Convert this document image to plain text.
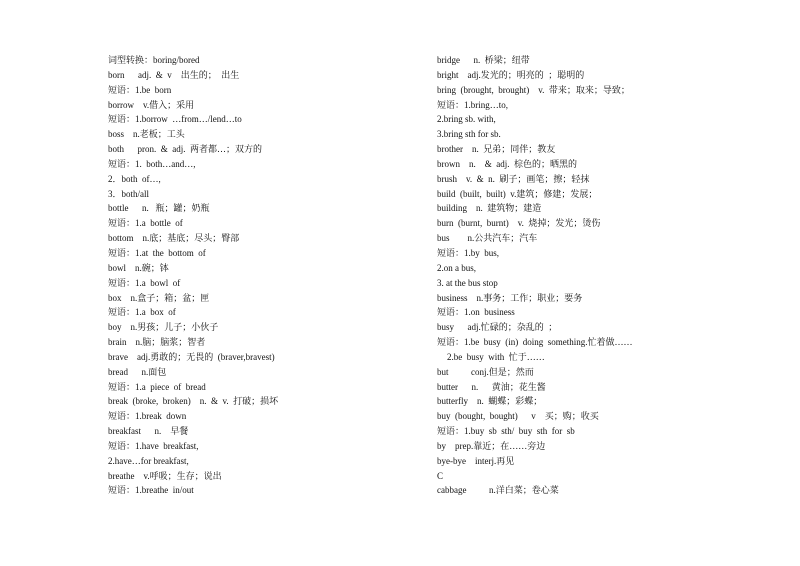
词型转换：boring/bored
born      adj.  &  v    出生的；  出生
短语：1.be  born
borrow    v.借入；采用
短语：1.borrow  …from…/lend…to
boss    n.老板；工头
both      pron.  &  adj.  两者都…；双方的
短语：1.  both…and…,
2．both  of…,
3．both/all
bottle      n.   瓶；罐；奶瓶
短语：1.a  bottle  of
bottom    n.底；基底；尽头；臀部
短语：1.at  the  bottom  of
bowl    n.碗；钵
短语：1.a  bowl  of
box    n.盒子；箱；盆；匣
短语：1.a  box  of
boy    n.男孩；儿子；小伙子
brain    n.脑；脑浆；智者
brave    adj.勇敢的；无畏的  (braver,bravest)
bread      n.面包
短语：1.a  piece  of  bread
break  (broke,  broken)    n.  &  v.  打破；损坏
短语：1.break  down
breakfast      n.    早餐
短语：1.have  breakfast,
2.have…for breakfast,
breathe    v.呼吸；生存；说出
短语：1.breathe  in/out
bridge      n.  桥梁；纽带
bright    adj.发光的；明亮的  ；聪明的
bring  (brought,  brought)    v.  带来；取来；导致；
短语：1.bring…to,
2.bring sb. with,
3.bring sth for sb.
brother    n.  兄弟；同伴；教友
brown    n.    &  adj.  棕色的；晒黑的
brush    v.  &  n.  刷子；画笔；擦；轻抹
build  (built,  built)  v.建筑；修建；发展；
building    n.  建筑物；建造
burn  (burnt,  burnt)    v.  烧掉；发光；烫伤
bus        n.公共汽车；汽车
短语：1.by  bus,
2.on a bus,
3. at the bus stop
business    n.事务；工作；职业；要务
短语：1.on  business
busy      adj.忙碌的；杂乱的  ；
短语：1.be  busy  (in)  doing  something.忙着做……
2.be  busy  with  忙于……
but          conj.但是；然而
butter      n.      黄油；花生酱
butterfly    n.  蝴蝶；彩蝶；
buy  (bought,  bought)      v    买；购；收买
短语：1.buy  sb  sth/  buy  sth  for  sb
by    prep.靠近；在……旁边
bye-bye    interj.再见
C
cabbage          n.洋白菜；卷心菜
